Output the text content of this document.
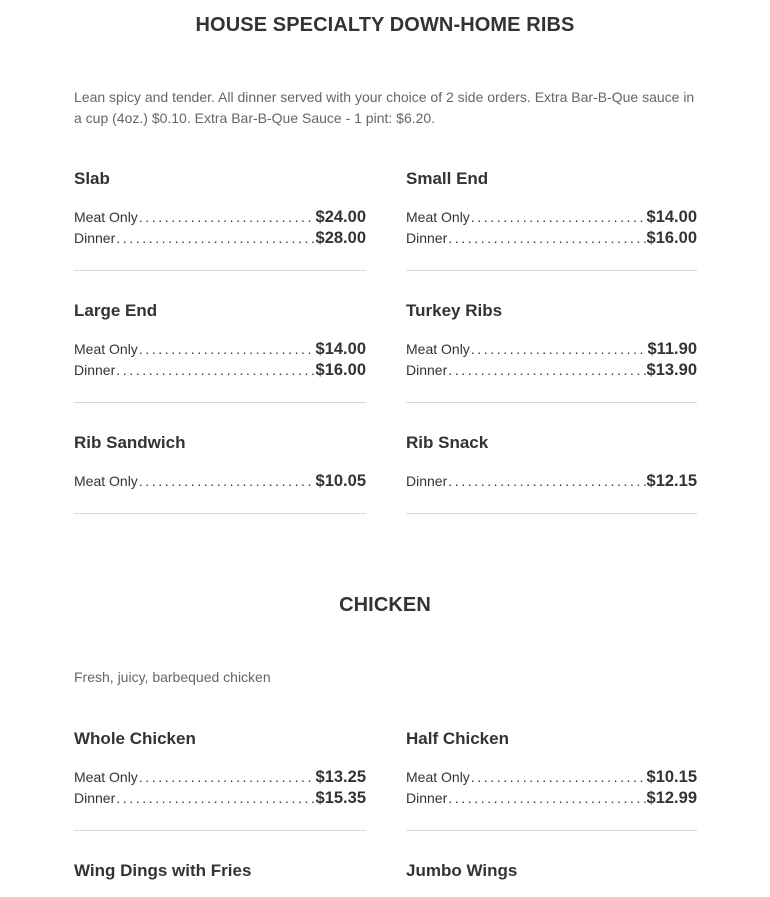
HOUSE SPECIALTY DOWN-HOME RIBS

Lean spicy and tender. All dinner served with your choice of 2 side orders. Extra Bar-B-Que sauce in a cup (4oz.) $0.10. Extra Bar-B-Que Sauce - 1 pint: $6.20.

Slab
Meat Only .....	$24.00
Dinner .....	$28.00
Small End
Meat Only .....	$14.00
Dinner .....	$16.00
Large End
Meat Only .....	$14.00
Dinner .....	$16.00
Turkey Ribs
Meat Only .....	$11.90
Dinner .....	$13.90
Rib Sandwich
Meat Only .....	$10.05
Rib Snack
Dinner .....	$12.15
CHICKEN

Fresh, juicy, barbequed chicken

Whole Chicken
Meat Only .....	$13.25
Dinner .....	$15.35
Half Chicken
Meat Only .....	$10.15
Dinner .....	$12.99
Wing Dings with Fries	Jumbo Wings
